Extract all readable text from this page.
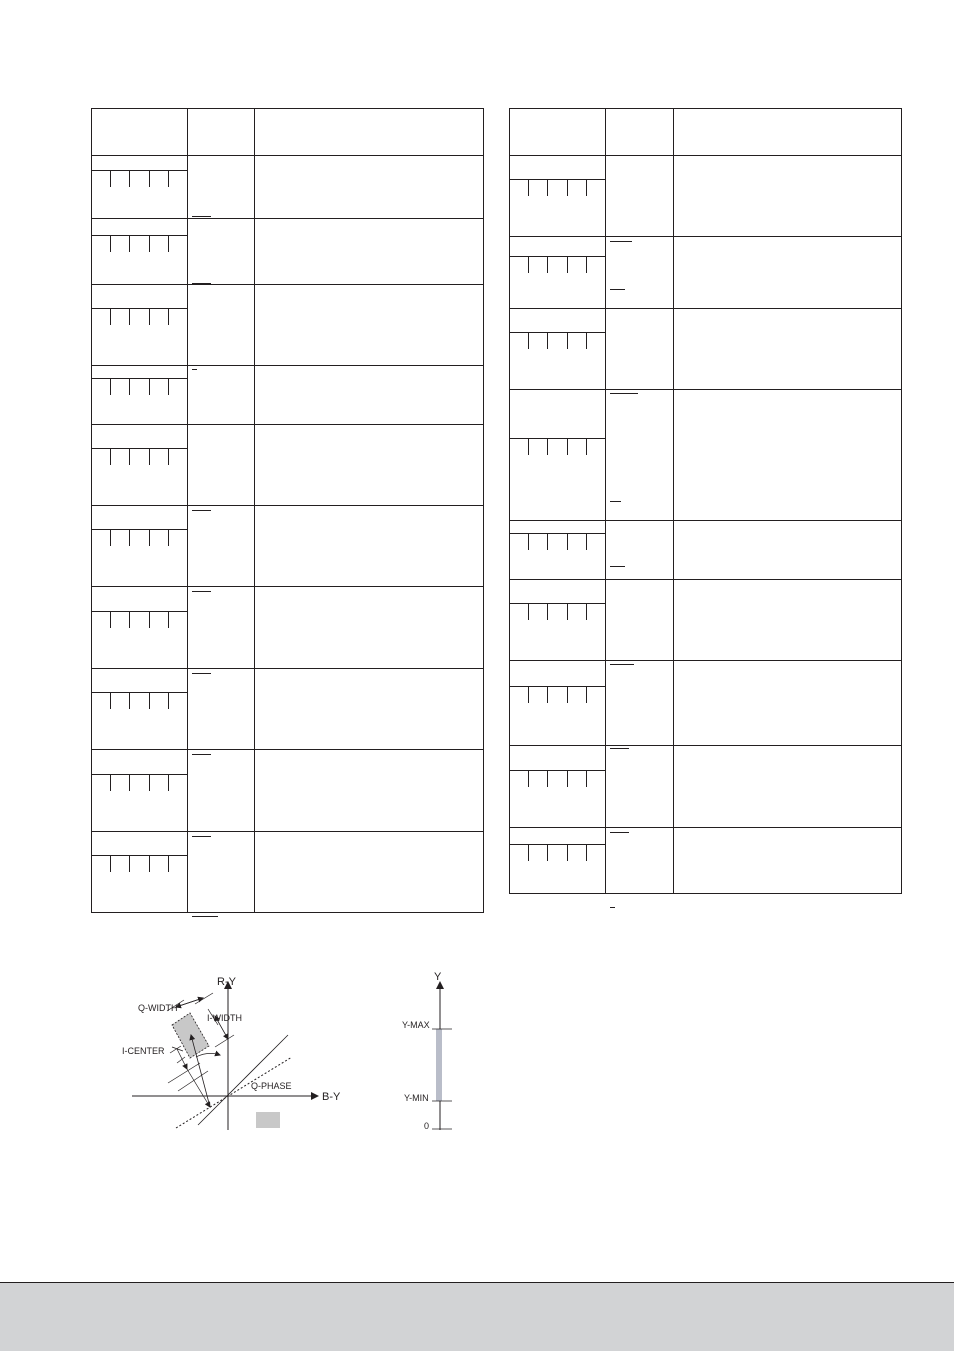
R-Y
B-Y
Q-WIDTH
I-WIDTH
I-CENTER
Q-PHASE
Y
Y-MAX
Y-MIN
0
